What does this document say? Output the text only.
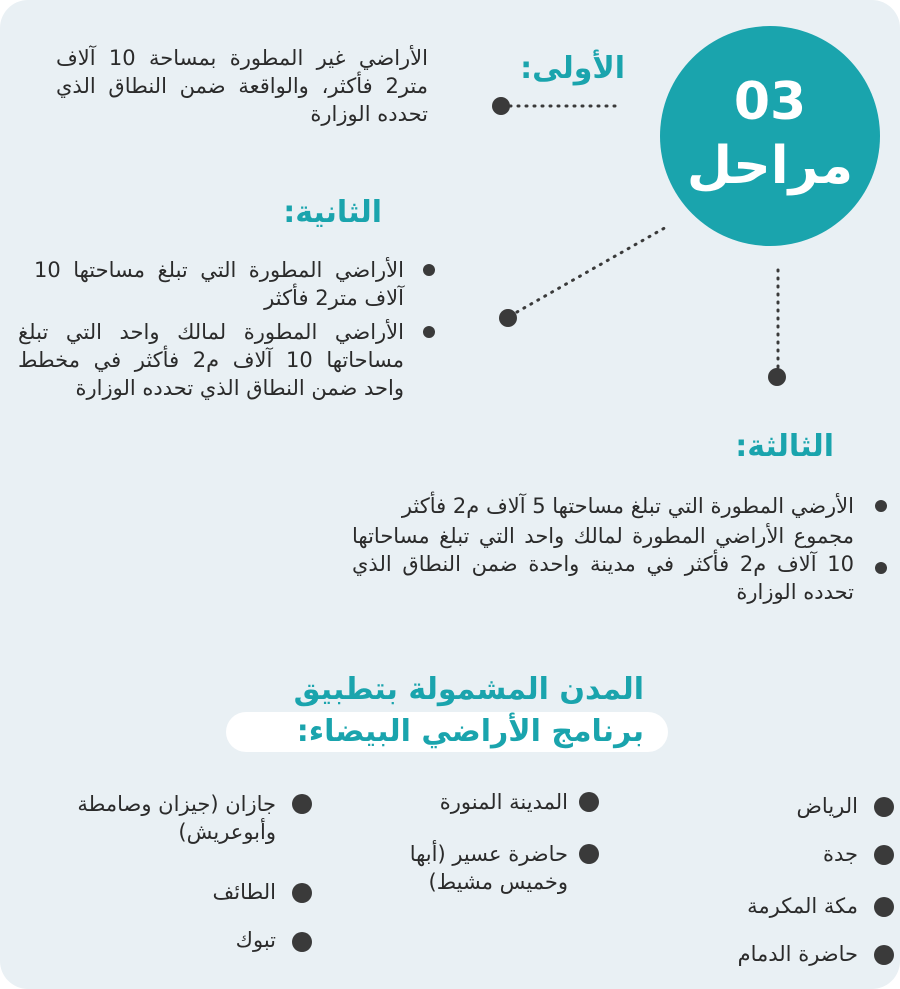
03
مراحل
الأولى:
الأراضي غير المطورة بمساحة 10 آلاف متر2 فأكثر، والواقعة ضمن النطاق الذي تحدده الوزارة
الثانية:
الأراضي المطورة التي تبلغ مساحتها 10 آلاف متر2 فأكثر
الأراضي المطورة لمالك واحد التي تبلغ مساحاتها 10 آلاف م2 فأكثر في مخطط واحد ضمن النطاق الذي تحدده الوزارة
الثالثة:
الأرضي المطورة التي تبلغ مساحتها 5 آلاف م2 فأكثر
مجموع الأراضي المطورة لمالك واحد التي تبلغ مساحاتها 10 آلاف م2 فأكثر في مدينة واحدة ضمن النطاق الذي تحدده الوزارة
المدن المشمولة بتطبيق
برنامج الأراضي البيضاء:
الرياض
جدة
مكة المكرمة
حاضرة الدمام
المدينة المنورة
حاضرة عسير (أبها وخميس مشيط)
جازان (جيزان وصامطة وأبوعريش)
الطائف
تبوك
